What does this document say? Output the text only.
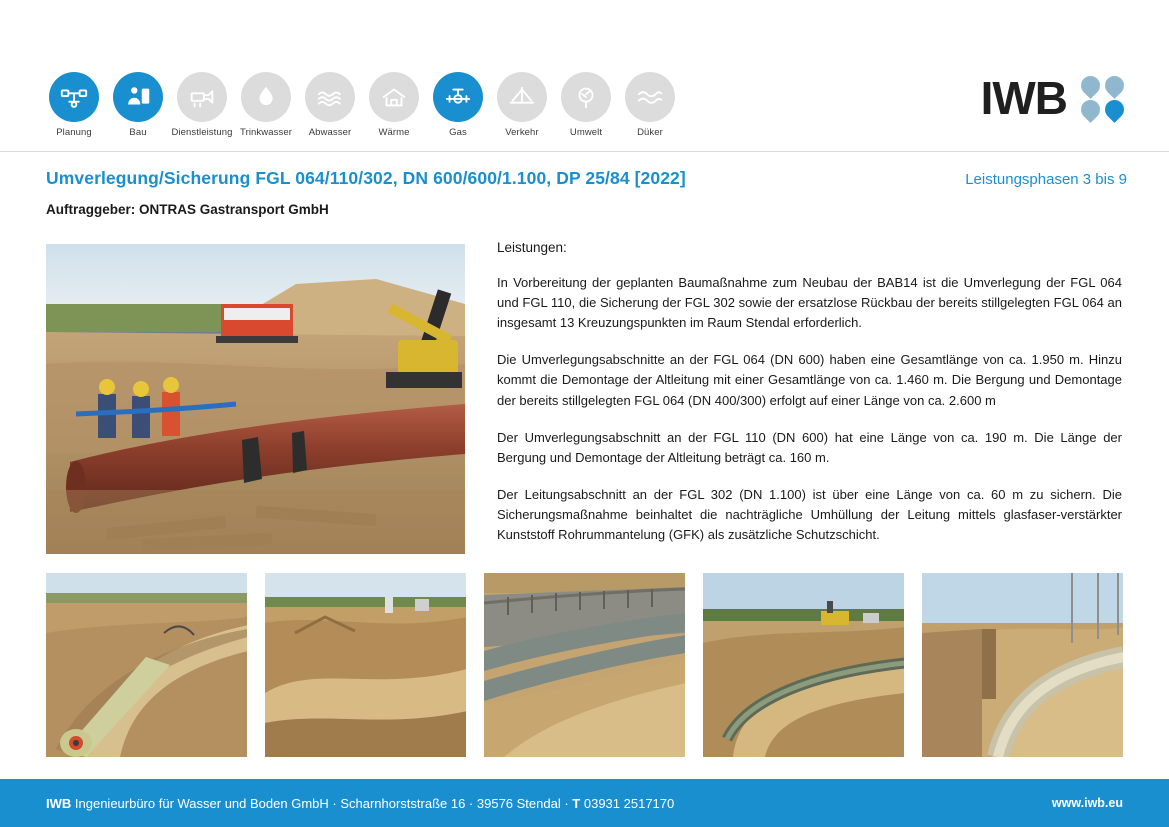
Planung	Bau	Dienstleistung Trinkwasser Abwasser	Wärme	Gas	Verkehr	Umwelt	Düker
IWB
Umverlegung/Sicherung FGL 064/110/302, DN 600/600/1.100, DP 25/84 [2022]	Leistungsphasen 3 bis 9
Auftraggeber: ONTRAS Gastransport GmbH
Leistungen:

In Vorbereitung der geplanten Baumaßnahme zum Neubau der BAB14 ist die Umverlegung der FGL 064 und FGL 110, die Sicherung der FGL 302 sowie der ersatzlose Rückbau der bereits stillgelegten FGL 064 an insgesamt 13 Kreuzungspunkten im Raum Stendal erforderlich.

Die Umverlegungsabschnitte an der FGL 064 (DN 600) haben eine Gesamtlänge von ca. 1.950 m. Hinzu kommt die Demontage der Altleitung mit einer Gesamtlänge von ca. 1.460 m. Die Bergung und Demontage der bereits stillgelegten FGL 064 (DN 400/300) erfolgt auf einer Länge von ca. 2.600 m

Der Umverlegungsabschnitt an der FGL 110 (DN 600) hat eine Länge von ca. 190 m. Die Länge der Bergung und Demontage der Altleitung beträgt ca. 160 m.

Der Leitungsabschnitt an der FGL 302 (DN 1.100) ist über eine Länge von ca. 60 m zu sichern. Die Sicherungsmaßnahme beinhaltet die nachträgliche Umhüllung der Leitung mittels glasfaser-verstärkter Kunststoff Rohrummantelung (GFK) als zusätzliche Schutzschicht.

IWB Ingenieurbüro für Wasser und Boden GmbH · Scharnhorststraße 16 · 39576 Stendal · T 03931 2517170	www.iwb.eu
